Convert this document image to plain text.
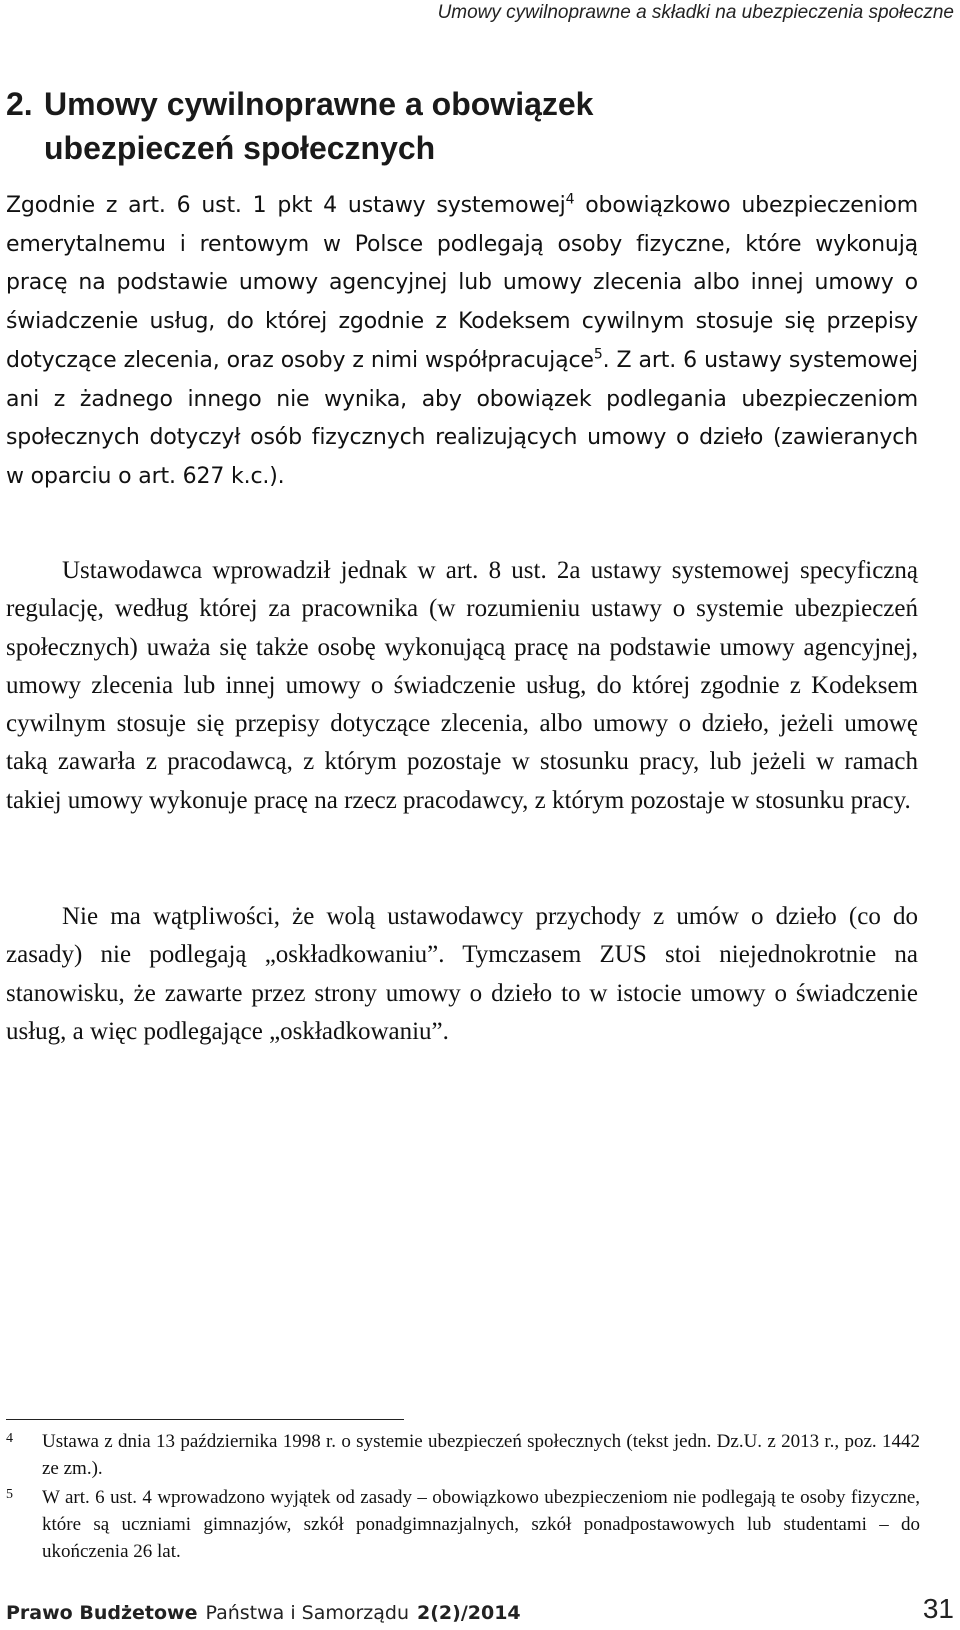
Umowy cywilnoprawne a składki na ubezpieczenia społeczne
2. Umowy cywilnoprawne a obowiązek
ubezpieczeń społecznych

Zgodnie z art. 6 ust. 1 pkt 4 ustawy systemowej$^4$ obowiązkowo ubezpieczeniom emerytalnemu i rentowym w Polsce podlegają osoby fizyczne, które wykonują pracę na podstawie umowy agencyjnej lub umowy zlecenia albo innej umowy o świadczenie usług, do której zgodnie z Kodeksem cywilnym stosuje się przepisy dotyczące zlecenia, oraz osoby z nimi współpracujące$^5$. Z art. 6 ustawy systemowej ani z żadnego innego nie wynika, aby obowiązek podlegania ubezpieczeniom społecznych dotyczył osób fizycznych realizujących umowy o dzieło (zawieranych w oparciu o art. 627 k.c.).

Ustawodawca wprowadził jednak w art. 8 ust. 2a ustawy systemowej specyficzną regulację, według której za pracownika (w rozumieniu ustawy o systemie ubezpieczeń społecznych) uważa się także osobę wykonującą pracę na podstawie umowy agencyjnej, umowy zlecenia lub innej umowy o świadczenie usług, do której zgodnie z Kodeksem cywilnym stosuje się przepisy dotyczące zlecenia, albo umowy o dzieło, jeżeli umowę taką zawarła z pracodawcą, z którym pozostaje w stosunku pracy, lub jeżeli w ramach takiej umowy wykonuje pracę na rzecz pracodawcy, z którym pozostaje w stosunku pracy.

Nie ma wątpliwości, że wolą ustawodawcy przychody z umów o dzieło (co do zasady) nie podlegają „oskładkowaniu”. Tymczasem ZUS stoi niejednokrotnie na stanowisku, że zawarte przez strony umowy o dzieło to w istocie umowy o świadczenie usług, a więc podlegające „oskładkowaniu”.

4	Ustawa z dnia 13 października 1998 r. o systemie ubezpieczeń społecznych (tekst jedn. Dz.U. z 2013 r., poz. 1442 ze zm.).
5	W art. 6 ust. 4 wprowadzono wyjątek od zasady – obowiązkowo ubezpieczeniom nie podlegają te osoby fizyczne, które są uczniami gimnazjów, szkół ponadgimnazjalnych, szkół ponadpostawowych lub studentami – do ukończenia 26 lat.
Prawo Budżetowe Państwa i Samorządu 2(2)/2014	31
